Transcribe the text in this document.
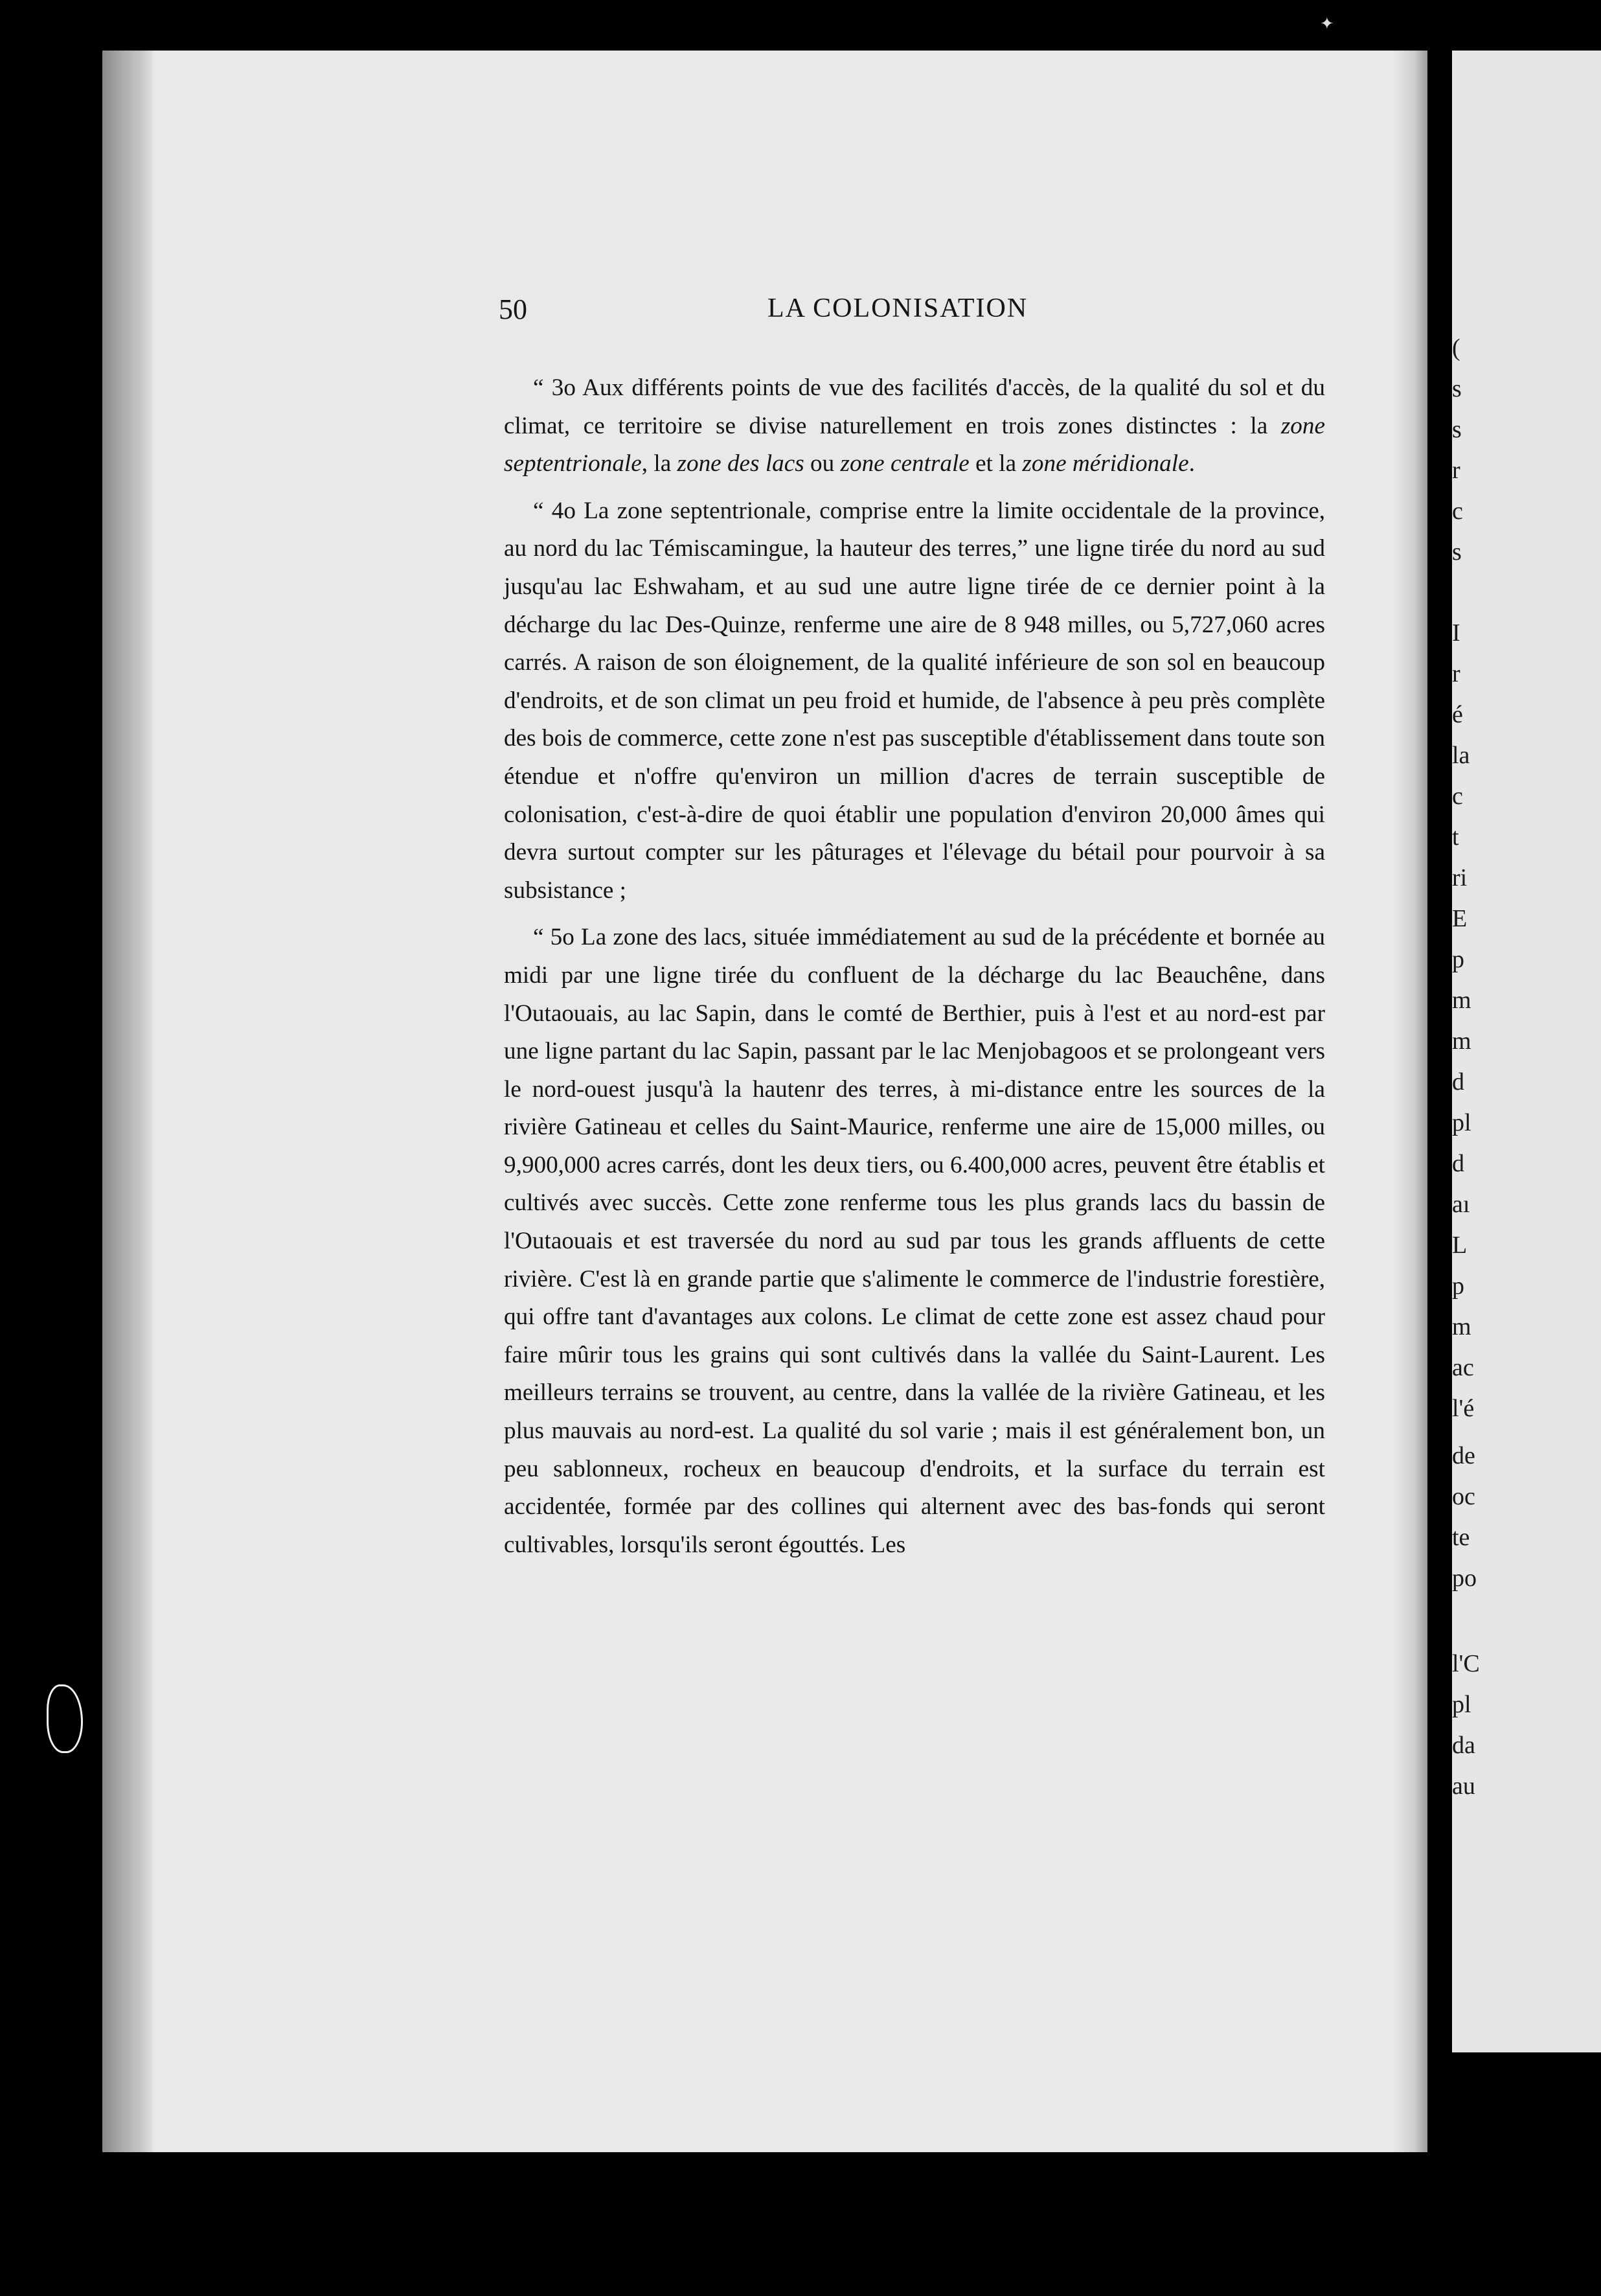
✦
(
s
s
r
c
s
I
r
é
la
c
t
ri
E
p
m
m
d
pl
d
aı
L
p
m
ac
l'é
de
oc
te
po
l'C
pl
da
au
50	LA COLONISATION

“ 3o Aux différents points de vue des facilités d'accès, de la qualité du sol et du climat, ce territoire se divise naturellement en trois zones distinctes : la zone septentrionale, la zone des lacs ou zone centrale et la zone méridionale.

“ 4o La zone septentrionale, comprise entre la limite occidentale de la province, au nord du lac Témiscamingue, la hauteur des terres,” une ligne tirée du nord au sud jusqu'au lac Eshwaham, et au sud une autre ligne tirée de ce dernier point à la décharge du lac Des-Quinze, renferme une aire de 8 948 milles, ou 5,727,060 acres carrés. A raison de son éloignement, de la qualité inférieure de son sol en beaucoup d'endroits, et de son climat un peu froid et humide, de l'absence à peu près complète des bois de commerce, cette zone n'est pas susceptible d'établissement dans toute son étendue et n'offre qu'environ un million d'acres de terrain susceptible de colonisation, c'est-à-dire de quoi établir une population d'environ 20,000 âmes qui devra surtout compter sur les pâturages et l'élevage du bétail pour pourvoir à sa subsistance ;

“ 5o La zone des lacs, située immédiatement au sud de la précédente et bornée au midi par une ligne tirée du confluent de la décharge du lac Beauchêne, dans l'Outaouais, au lac Sapin, dans le comté de Berthier, puis à l'est et au nord-est par une ligne partant du lac Sapin, passant par le lac Menjobagoos et se prolongeant vers le nord-ouest jusqu'à la hautenr des terres, à mi-distance entre les sources de la rivière Gatineau et celles du Saint-Maurice, renferme une aire de 15,000 milles, ou 9,900,000 acres carrés, dont les deux tiers, ou 6.400,000 acres, peuvent être établis et cultivés avec succès. Cette zone renferme tous les plus grands lacs du bassin de l'Outaouais et est traversée du nord au sud par tous les grands affluents de cette rivière. C'est là en grande partie que s'alimente le commerce de l'industrie forestière, qui offre tant d'avantages aux colons. Le climat de cette zone est assez chaud pour faire mûrir tous les grains qui sont cultivés dans la vallée du Saint-Laurent. Les meilleurs terrains se trouvent, au centre, dans la vallée de la rivière Gatineau, et les plus mauvais au nord-est. La qualité du sol varie ; mais il est généralement bon, un peu sablonneux, rocheux en beaucoup d'endroits, et la surface du terrain est accidentée, formée par des collines qui alternent avec des bas-fonds qui seront cultivables, lorsqu'ils seront égouttés. Les
